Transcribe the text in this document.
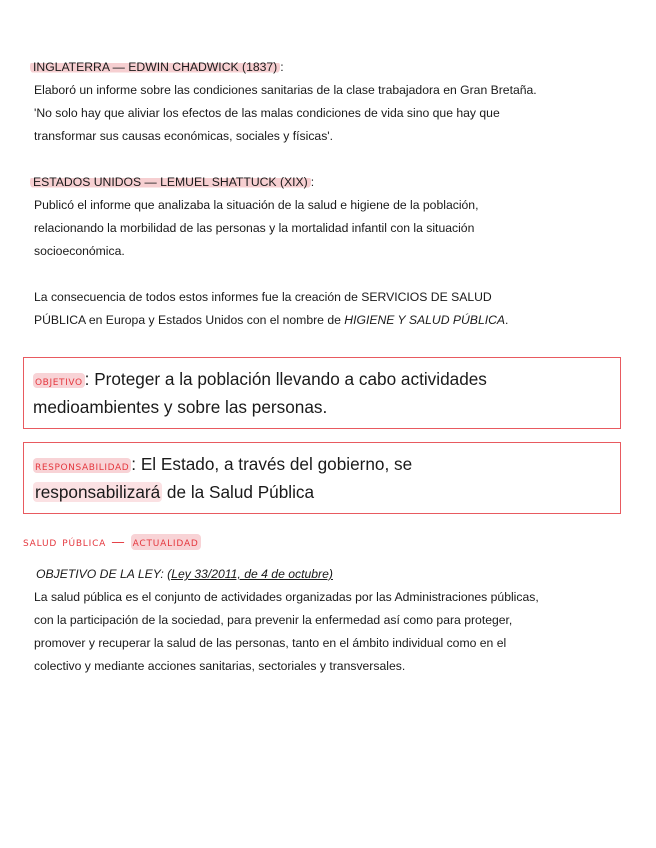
INGLATERRA — EDWIN CHADWICK (1837) :

Elaboró un informe sobre las condiciones sanitarias de la clase trabajadora en Gran Bretaña.

'No solo hay que aliviar los efectos de las malas condiciones de vida sino que hay que

transformar sus causas económicas, sociales y físicas'.

ESTADOS UNIDOS — LEMUEL SHATTUCK (XIX) :

Publicó el informe que analizaba la situación de la salud e higiene de la población,

relacionando la morbilidad de las personas y la mortalidad infantil con la situación

socioeconómica.

La consecuencia de todos estos informes fue la creación de SERVICIOS DE SALUD

PÚBLICA en Europa y Estados Unidos con el nombre de HIGIENE Y SALUD PÚBLICA.

objetivo : Proteger a la población llevando a cabo actividades
medioambientes y sobre las personas.
responsabilidad : El Estado, a través del gobierno, se
responsabilizará de la Salud Pública
salud pública — actualidad

OBJETIVO DE LA LEY: (Ley 33/2011, de 4 de octubre)

La salud pública es el conjunto de actividades organizadas por las Administraciones públicas,

con la participación de la sociedad, para prevenir la enfermedad así como para proteger,

promover y recuperar la salud de las personas, tanto en el ámbito individual como en el

colectivo y mediante acciones sanitarias, sectoriales y transversales.
